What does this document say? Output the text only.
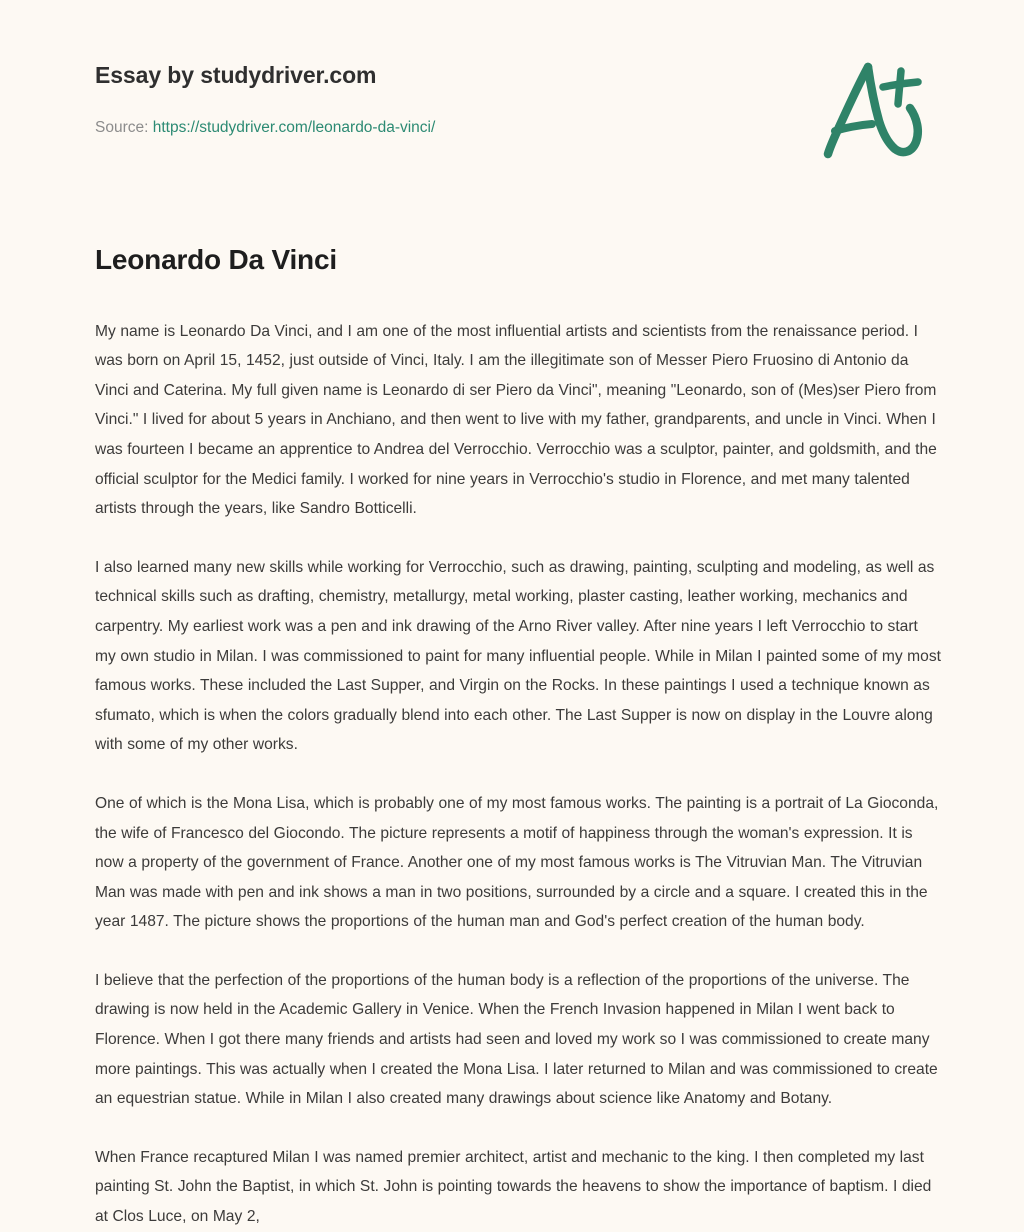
Essay by studydriver.com
Source: https://studydriver.com/leonardo-da-vinci/
Leonardo Da Vinci

My name is Leonardo Da Vinci, and I am one of the most influential artists and scientists from the renaissance period. I was born on April 15, 1452, just outside of Vinci, Italy. I am the illegitimate son of Messer Piero Fruosino di Antonio da Vinci and Caterina. My full given name is Leonardo di ser Piero da Vinci", meaning "Leonardo, son of (Mes)ser Piero from Vinci." I lived for about 5 years in Anchiano, and then went to live with my father, grandparents, and uncle in Vinci. When I was fourteen I became an apprentice to Andrea del Verrocchio. Verrocchio was a sculptor, painter, and goldsmith, and the official sculptor for the Medici family. I worked for nine years in Verrocchio's studio in Florence, and met many talented artists through the years, like Sandro Botticelli.

I also learned many new skills while working for Verrocchio, such as drawing, painting, sculpting and modeling, as well as technical skills such as drafting, chemistry, metallurgy, metal working, plaster casting, leather working, mechanics and carpentry. My earliest work was a pen and ink drawing of the Arno River valley. After nine years I left Verrocchio to start my own studio in Milan. I was commissioned to paint for many influential people. While in Milan I painted some of my most famous works. These included the Last Supper, and Virgin on the Rocks. In these paintings I used a technique known as sfumato, which is when the colors gradually blend into each other. The Last Supper is now on display in the Louvre along with some of my other works.

One of which is the Mona Lisa, which is probably one of my most famous works. The painting is a portrait of La Gioconda, the wife of Francesco del Giocondo. The picture represents a motif of happiness through the woman's expression. It is now a property of the government of France. Another one of my most famous works is The Vitruvian Man. The Vitruvian Man was made with pen and ink shows a man in two positions, surrounded by a circle and a square. I created this in the year 1487. The picture shows the proportions of the human man and God's perfect creation of the human body.

I believe that the perfection of the proportions of the human body is a reflection of the proportions of the universe. The drawing is now held in the Academic Gallery in Venice. When the French Invasion happened in Milan I went back to Florence. When I got there many friends and artists had seen and loved my work so I was commissioned to create many more paintings. This was actually when I created the Mona Lisa. I later returned to Milan and was commissioned to create an equestrian statue. While in Milan I also created many drawings about science like Anatomy and Botany.

When France recaptured Milan I was named premier architect, artist and mechanic to the king. I then completed my last painting St. John the Baptist, in which St. John is pointing towards the heavens to show the importance of baptism. I died at Clos Luce, on May 2,
